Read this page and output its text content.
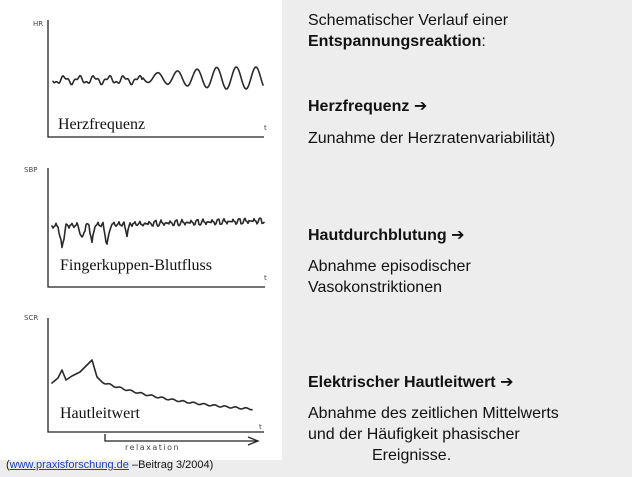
HR
t
Herzfrequenz
SBP
t
Fingerkuppen-Blutfluss
SCR
t
Hautleitwert
relaxation
Schematischer Verlauf einer
Entspannungsreaktion:
Herzfrequenz ➔
Zunahme der Herzratenvariabilität)
Hautdurchblutung ➔
Abnahme episodischer
Vasokonstriktionen
Elektrischer Hautleitwert ➔
Abnahme des zeitlichen Mittelwerts
und der Häufigkeit phasischer
Ereignisse.
(www.praxisforschung.de –Beitrag 3/2004)
